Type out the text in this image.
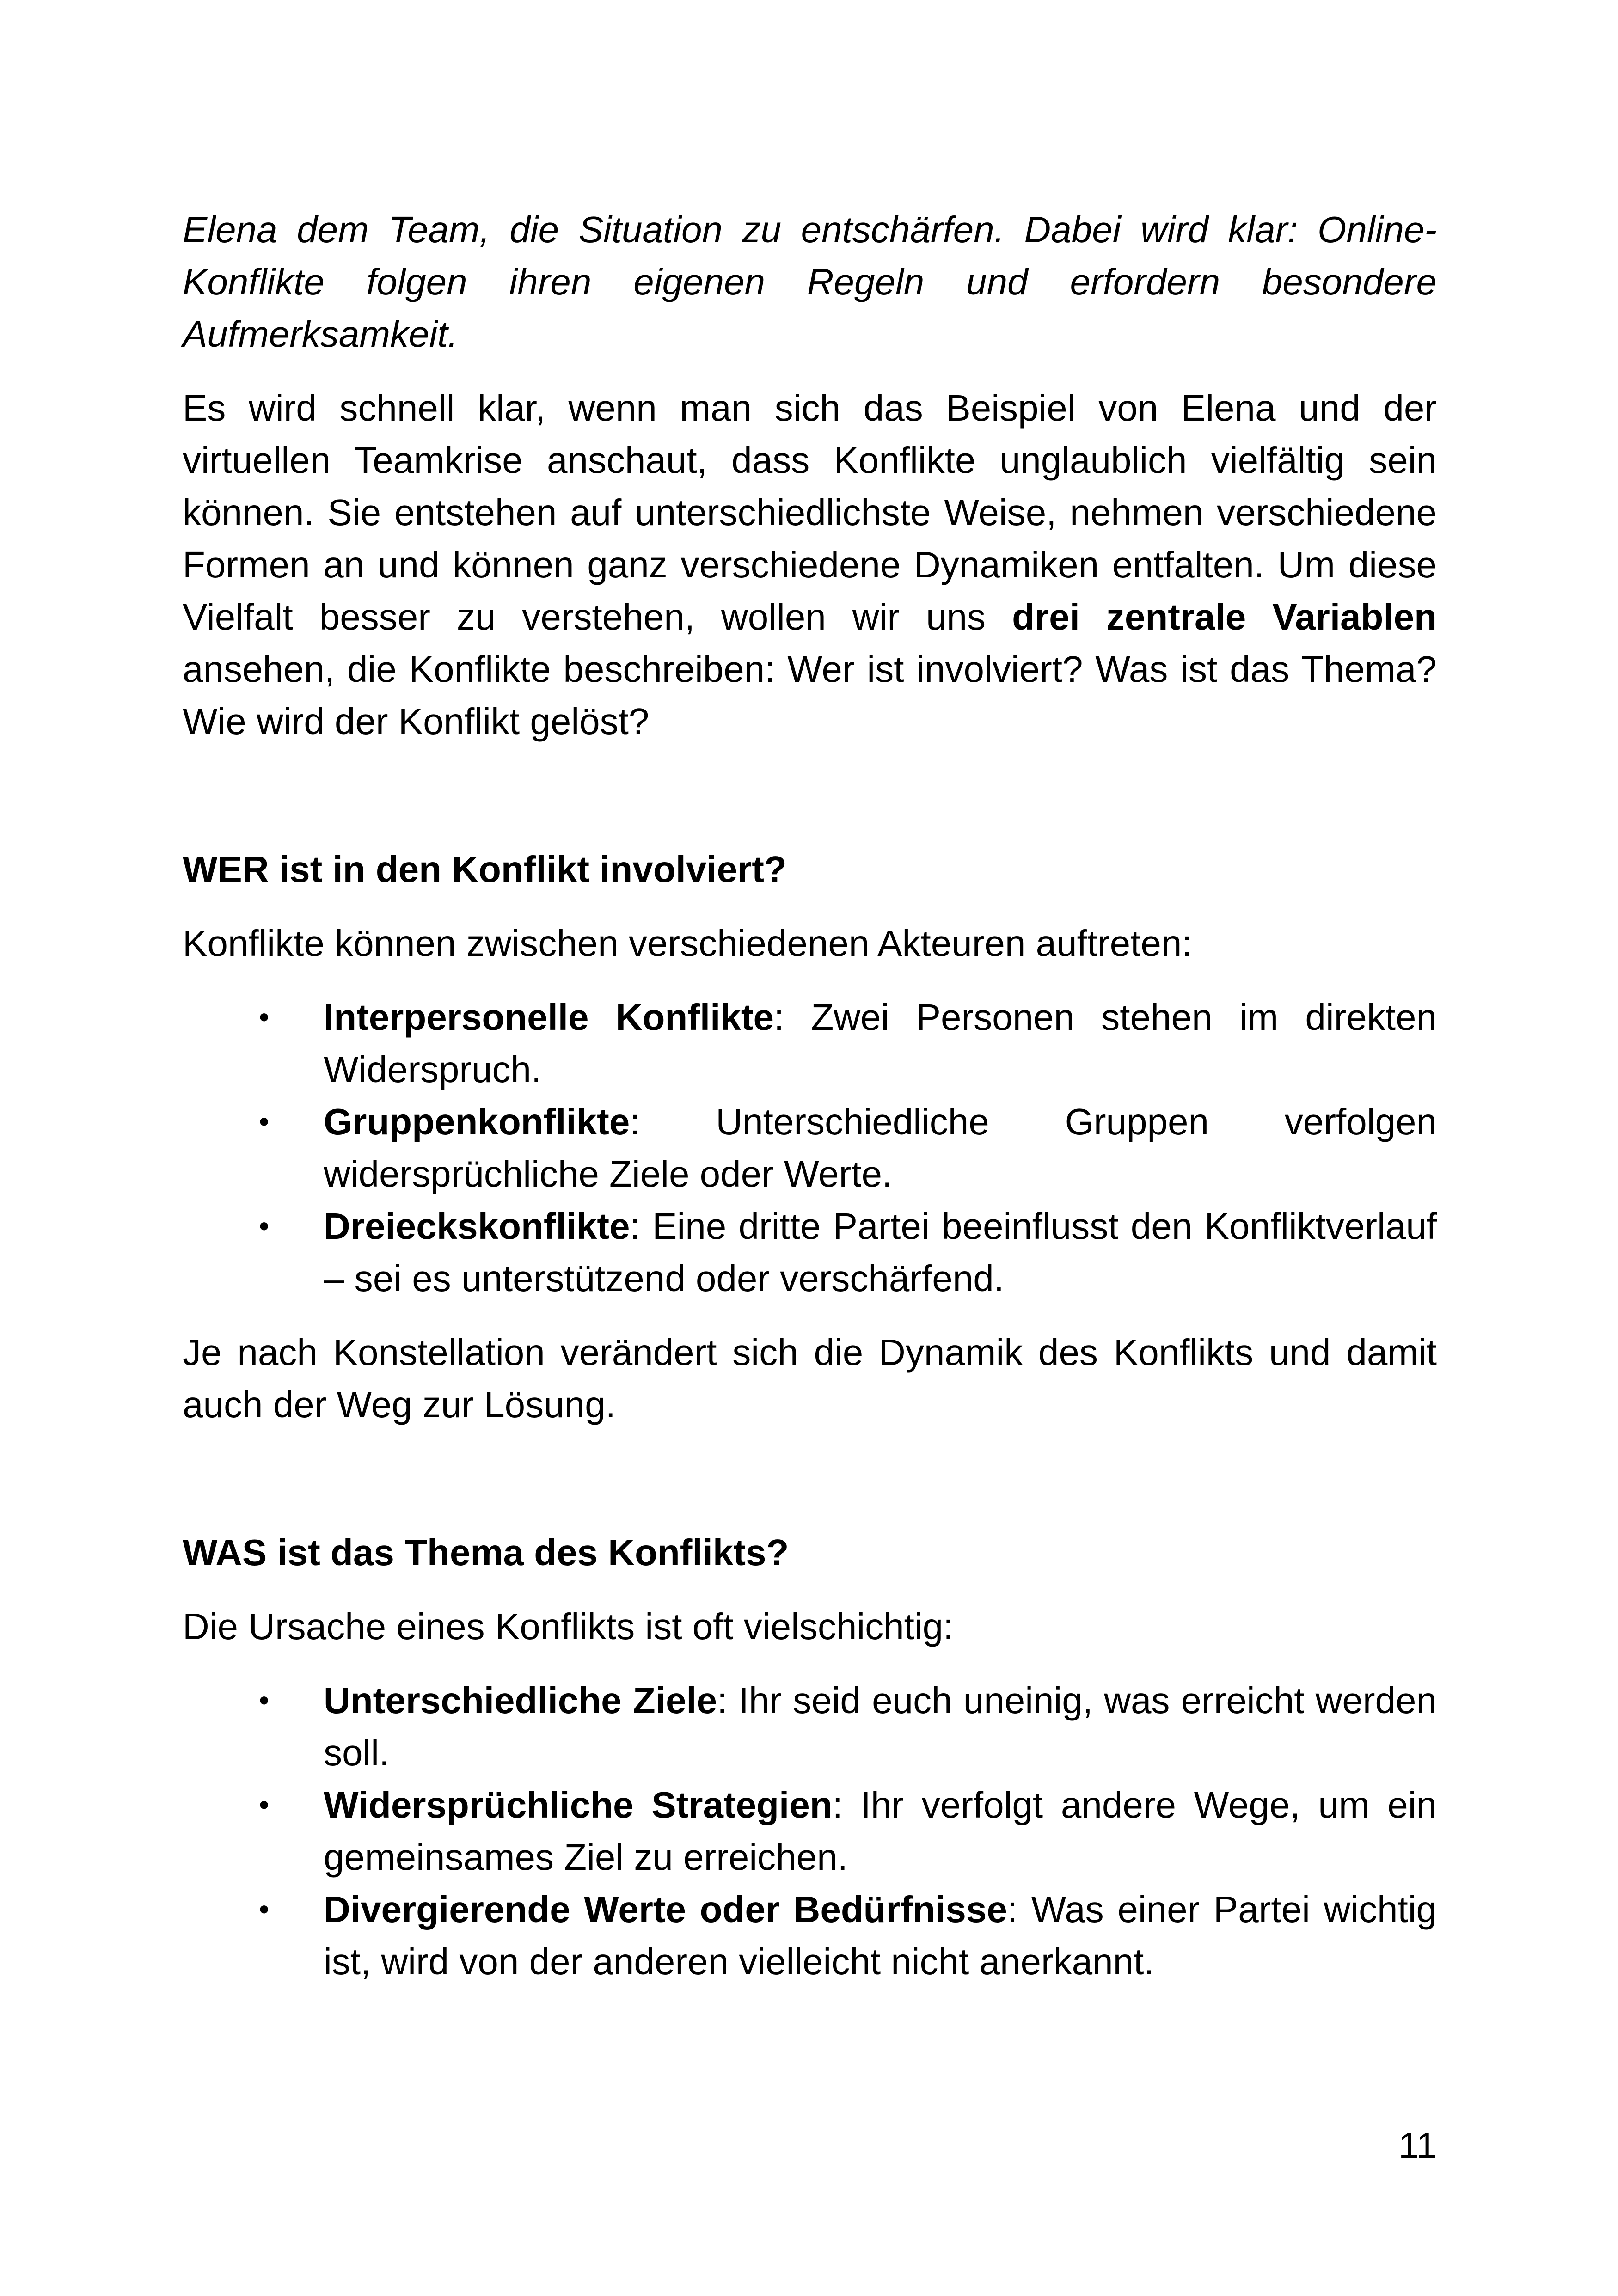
Elena dem Team, die Situation zu entschärfen. Dabei wird klar: Online-Konflikte folgen ihren eigenen Regeln und erfordern besondere Aufmerksamkeit.

Es wird schnell klar, wenn man sich das Beispiel von Elena und der virtuellen Teamkrise anschaut, dass Konflikte unglaublich vielfältig sein können. Sie entstehen auf unterschiedlichste Weise, nehmen verschiedene Formen an und können ganz verschiedene Dynamiken entfalten. Um diese Vielfalt besser zu verstehen, wollen wir uns drei zentrale Variablen ansehen, die Konflikte beschreiben: Wer ist involviert? Was ist das Thema? Wie wird der Konflikt gelöst?

WER ist in den Konflikt involviert?

Konflikte können zwischen verschiedenen Akteuren auftreten:

• Interpersonelle Konflikte: Zwei Personen stehen im direkten Widerspruch.
• Gruppenkonflikte: Unterschiedliche Gruppen verfolgen widersprüchliche Ziele oder Werte.
• Dreieckskonflikte: Eine dritte Partei beeinflusst den Konfliktverlauf – sei es unterstützend oder verschärfend.

Je nach Konstellation verändert sich die Dynamik des Konflikts und damit auch der Weg zur Lösung.

WAS ist das Thema des Konflikts?

Die Ursache eines Konflikts ist oft vielschichtig:

• Unterschiedliche Ziele: Ihr seid euch uneinig, was erreicht werden soll.
• Widersprüchliche Strategien: Ihr verfolgt andere Wege, um ein gemeinsames Ziel zu erreichen.
• Divergierende Werte oder Bedürfnisse: Was einer Partei wichtig ist, wird von der anderen vielleicht nicht anerkannt.
11
